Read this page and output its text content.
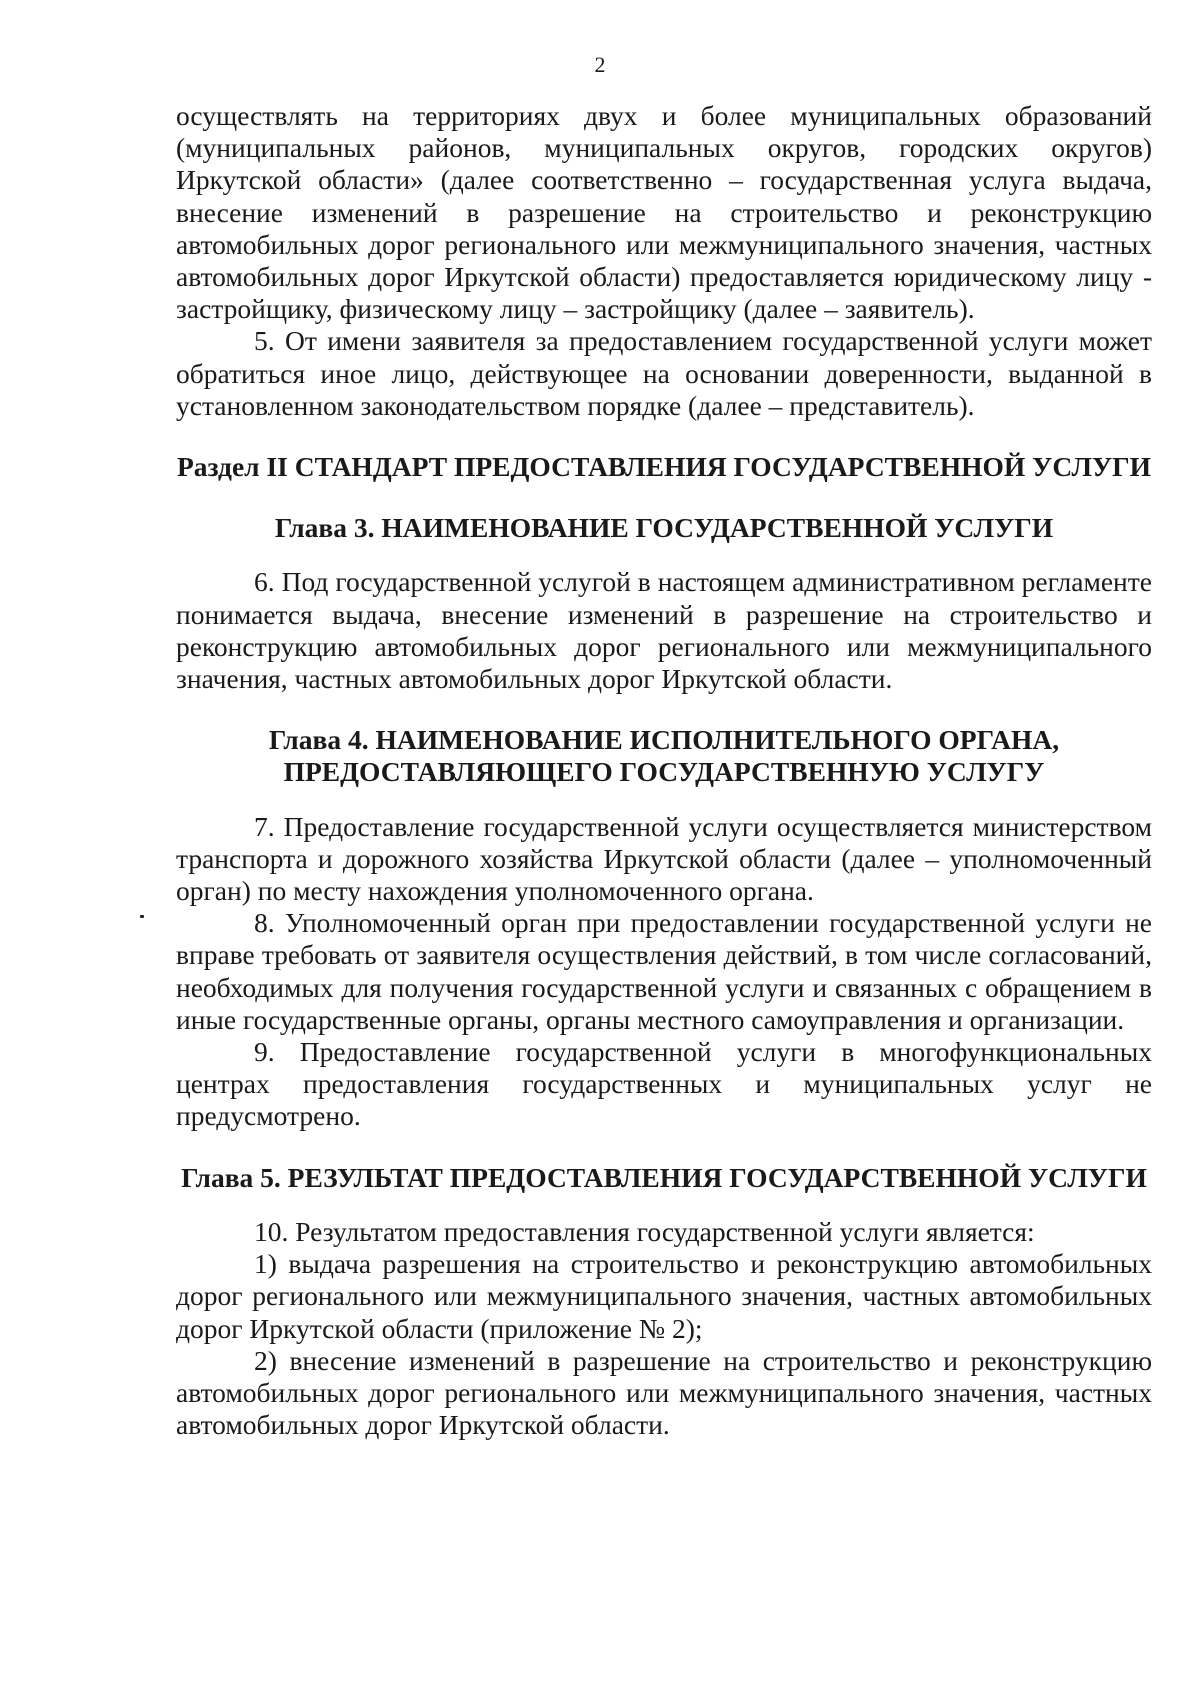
2

осуществлять на территориях двух и более муниципальных образований (муниципальных районов, муниципальных округов, городских округов) Иркутской области» (далее соответственно – государственная услуга выдача, внесение изменений в разрешение на строительство и реконструкцию автомобильных дорог регионального или межмуниципального значения, частных автомобильных дорог Иркутской области) предоставляется юридическому лицу - застройщику, физическому лицу – застройщику (далее – заявитель).

5. От имени заявителя за предоставлением государственной услуги может обратиться иное лицо, действующее на основании доверенности, выданной в установленном законодательством порядке (далее – представитель).

Раздел II СТАНДАРТ ПРЕДОСТАВЛЕНИЯ ГОСУДАРСТВЕННОЙ УСЛУГИ
Глава 3. НАИМЕНОВАНИЕ ГОСУДАРСТВЕННОЙ УСЛУГИ

6. Под государственной услугой в настоящем административном регламенте понимается выдача, внесение изменений в разрешение на строительство и реконструкцию автомобильных дорог регионального или межмуниципального значения, частных автомобильных дорог Иркутской области.

Глава 4. НАИМЕНОВАНИЕ ИСПОЛНИТЕЛЬНОГО ОРГАНА, ПРЕДОСТАВЛЯЮЩЕГО ГОСУДАРСТВЕННУЮ УСЛУГУ

7. Предоставление государственной услуги осуществляется министерством транспорта и дорожного хозяйства Иркутской области (далее – уполномоченный орган) по месту нахождения уполномоченного органа.

8. Уполномоченный орган при предоставлении государственной услуги не вправе требовать от заявителя осуществления действий, в том числе согласований, необходимых для получения государственной услуги и связанных с обращением в иные государственные органы, органы местного самоуправления и организации.

9. Предоставление государственной услуги в многофункциональных центрах предоставления государственных и муниципальных услуг не предусмотрено.

Глава 5. РЕЗУЛЬТАТ ПРЕДОСТАВЛЕНИЯ ГОСУДАРСТВЕННОЙ УСЛУГИ

10. Результатом предоставления государственной услуги является:

1) выдача разрешения на строительство и реконструкцию автомобильных дорог регионального или межмуниципального значения, частных автомобильных дорог Иркутской области (приложение № 2);

2) внесение изменений в разрешение на строительство и реконструкцию автомобильных дорог регионального или межмуниципального значения, частных автомобильных дорог Иркутской области.
